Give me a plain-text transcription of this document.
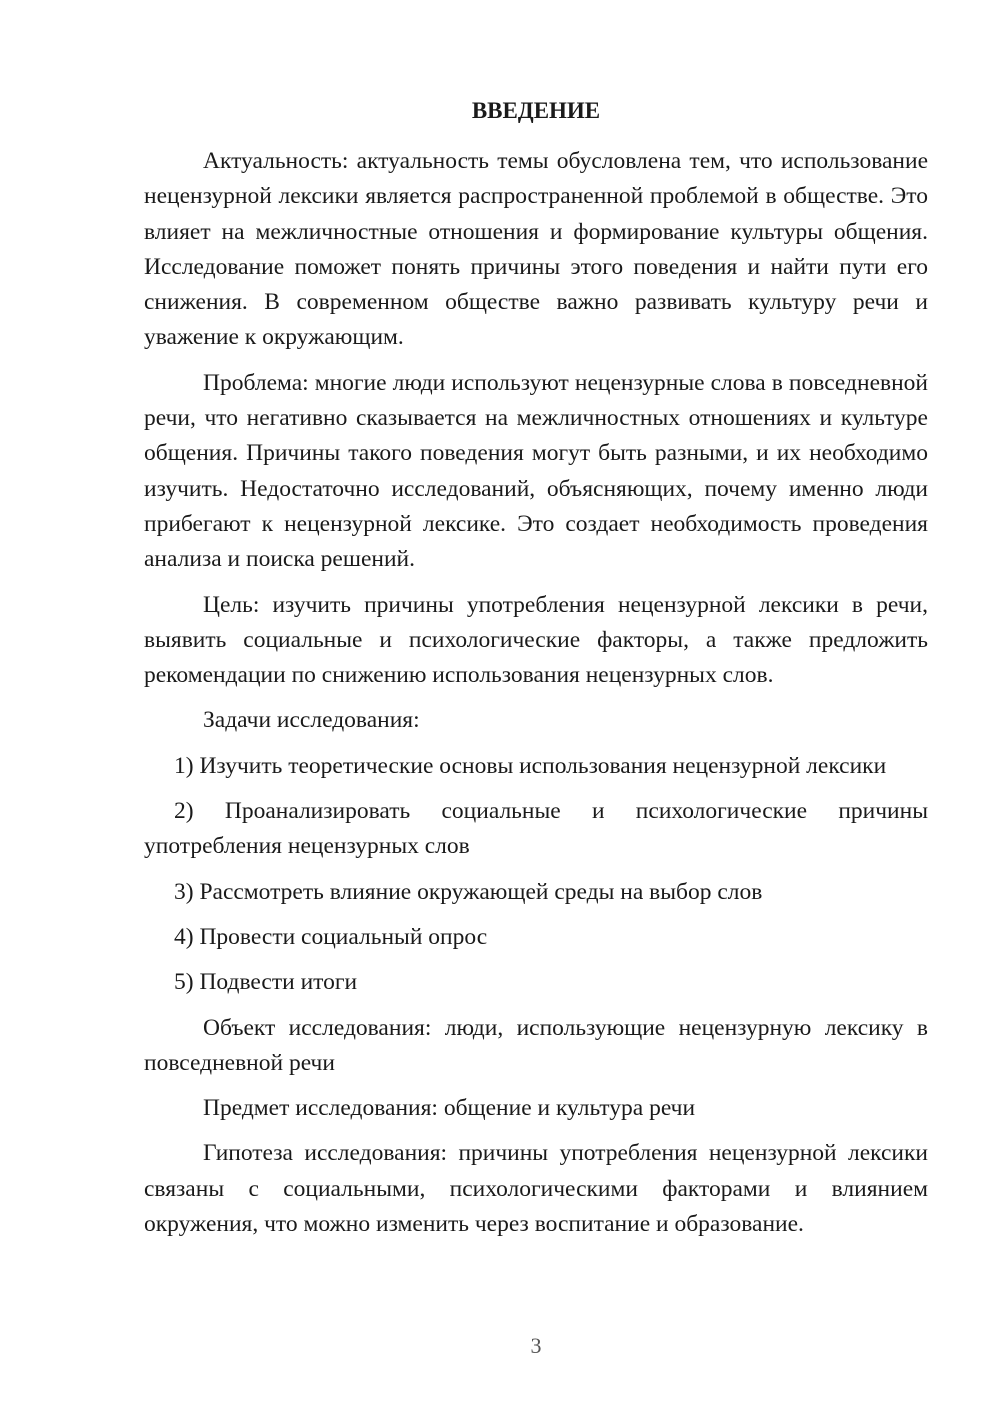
ВВЕДЕНИЕ

Актуальность: актуальность темы обусловлена тем, что использование нецензурной лексики является распространенной проблемой в обществе. Это влияет на межличностные отношения и формирование культуры общения. Исследование поможет понять причины этого поведения и найти пути его снижения. В современном обществе важно развивать культуру речи и уважение к окружающим.

Проблема: многие люди используют нецензурные слова в повседневной речи, что негативно сказывается на межличностных отношениях и культуре общения. Причины такого поведения могут быть разными, и их необходимо изучить. Недостаточно исследований, объясняющих, почему именно люди прибегают к нецензурной лексике. Это создает необходимость проведения анализа и поиска решений.

Цель: изучить причины употребления нецензурной лексики в речи, выявить социальные и психологические факторы, а также предложить рекомендации по снижению использования нецензурных слов.

Задачи исследования:

1) Изучить теоретические основы использования нецензурной лексики

2) Проанализировать социальные и психологические причины употребления нецензурных слов

3) Рассмотреть влияние окружающей среды на выбор слов

4) Провести социальный опрос

5) Подвести итоги

Объект исследования: люди, использующие нецензурную лексику в повседневной речи

Предмет исследования: общение и культура речи

Гипотеза исследования: причины употребления нецензурной лексики связаны с социальными, психологическими факторами и влиянием окружения, что можно изменить через воспитание и образование.

3
